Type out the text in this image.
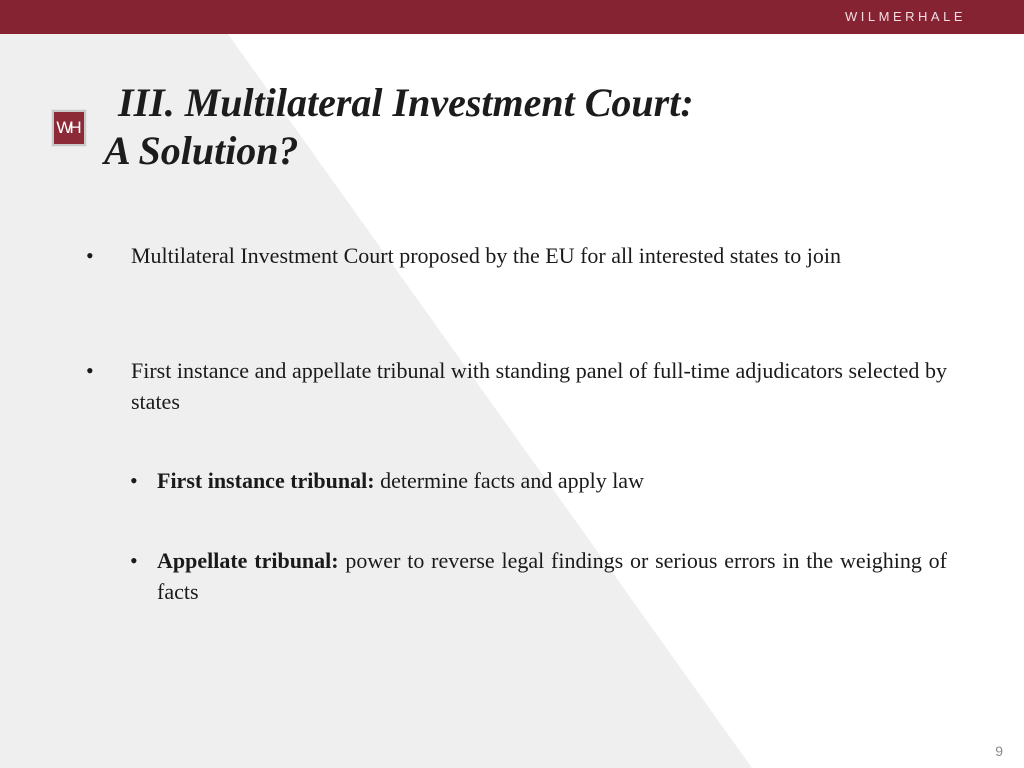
WILMERHALE
WH
III. Multilateral Investment Court:
A Solution?
• Multilateral Investment Court proposed by the EU for all interested states to join
• First instance and appellate tribunal with standing panel of full-time adjudicators selected by states
• First instance tribunal: determine facts and apply law
• Appellate tribunal: power to reverse legal findings or serious errors in the weighing of facts
9
